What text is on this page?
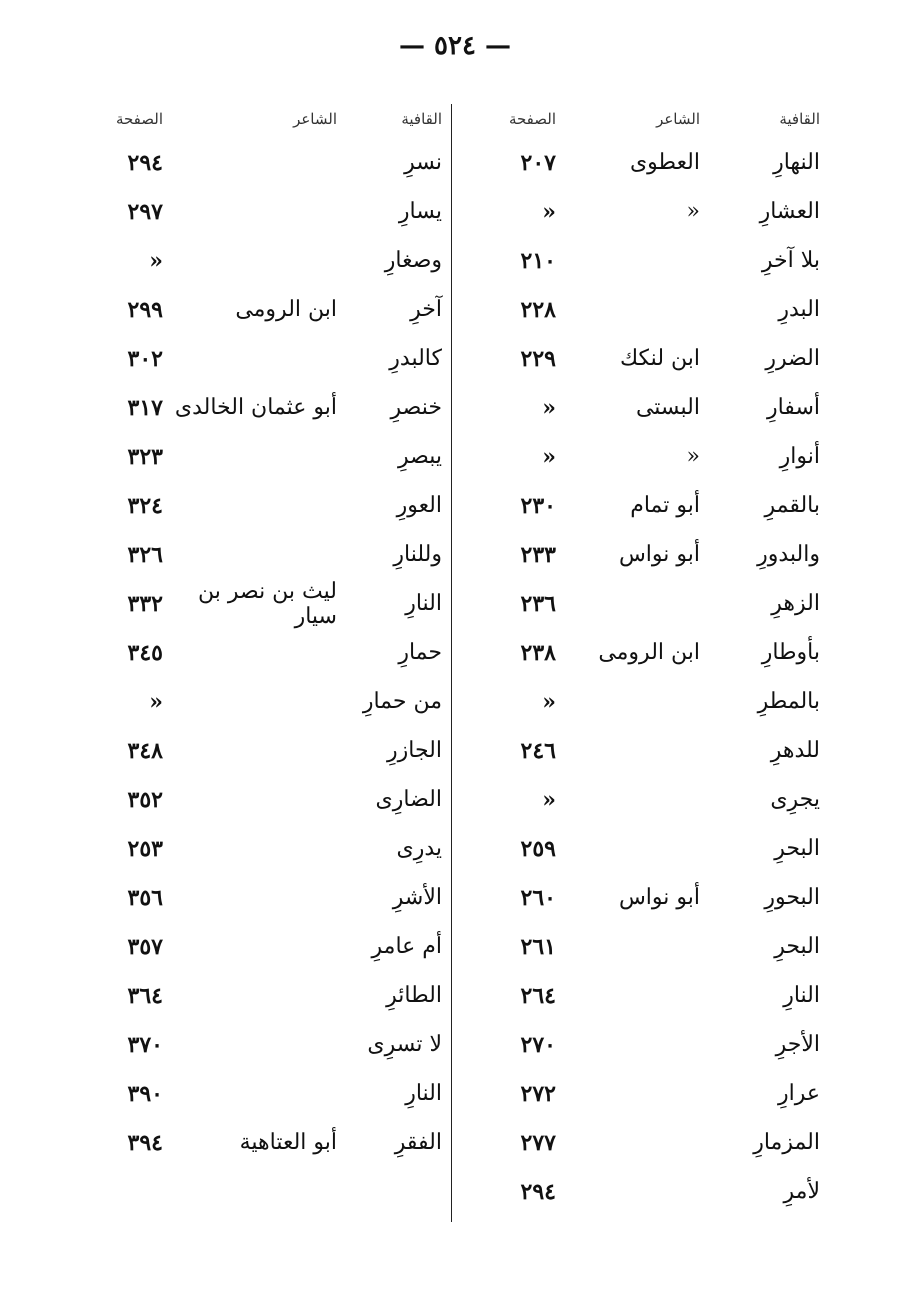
— ٥٢٤ —
القافية
الشاعر
الصفحة
النهارِ
العطوى
٢٠٧
العشارِ
«
«
بلا آخرِ
٢١٠
البدرِ
٢٢٨
الضررِ
ابن لنكك
٢٢٩
أسفارِ
البستى
«
أنوارِ
«
«
بالقمرِ
أبو تمام
٢٣٠
والبدورِ
أبو نواس
٢٣٣
الزهرِ
٢٣٦
بأوطارِ
ابن الرومى
٢٣٨
بالمطرِ
«
للدهرِ
٢٤٦
يجرِى
«
البحرِ
٢٥٩
البحورِ
أبو نواس
٢٦٠
البحرِ
٢٦١
النارِ
٢٦٤
الأجرِ
٢٧٠
عرارِ
٢٧٢
المزمارِ
٢٧٧
لأمرِ
٢٩٤
القافية
الشاعر
الصفحة
نسرِ
٢٩٤
يسارِ
٢٩٧
وصغارِ
«
آخرِ
ابن الرومى
٢٩٩
كالبدرِ
٣٠٢
خنصرِ
أبو عثمان الخالدى
٣١٧
يبصرِ
٣٢٣
العورِ
٣٢٤
وللنارِ
٣٢٦
النارِ
ليث بن نصر بن سيار
٣٣٢
حمارِ
٣٤٥
من حمارِ
«
الجازرِ
٣٤٨
الضارِى
٣٥٢
يدرِى
٢٥٣
الأشرِ
٣٥٦
أم عامرِ
٣٥٧
الطائرِ
٣٦٤
لا تسرِى
٣٧٠
النارِ
٣٩٠
الفقرِ
أبو العتاهية
٣٩٤
